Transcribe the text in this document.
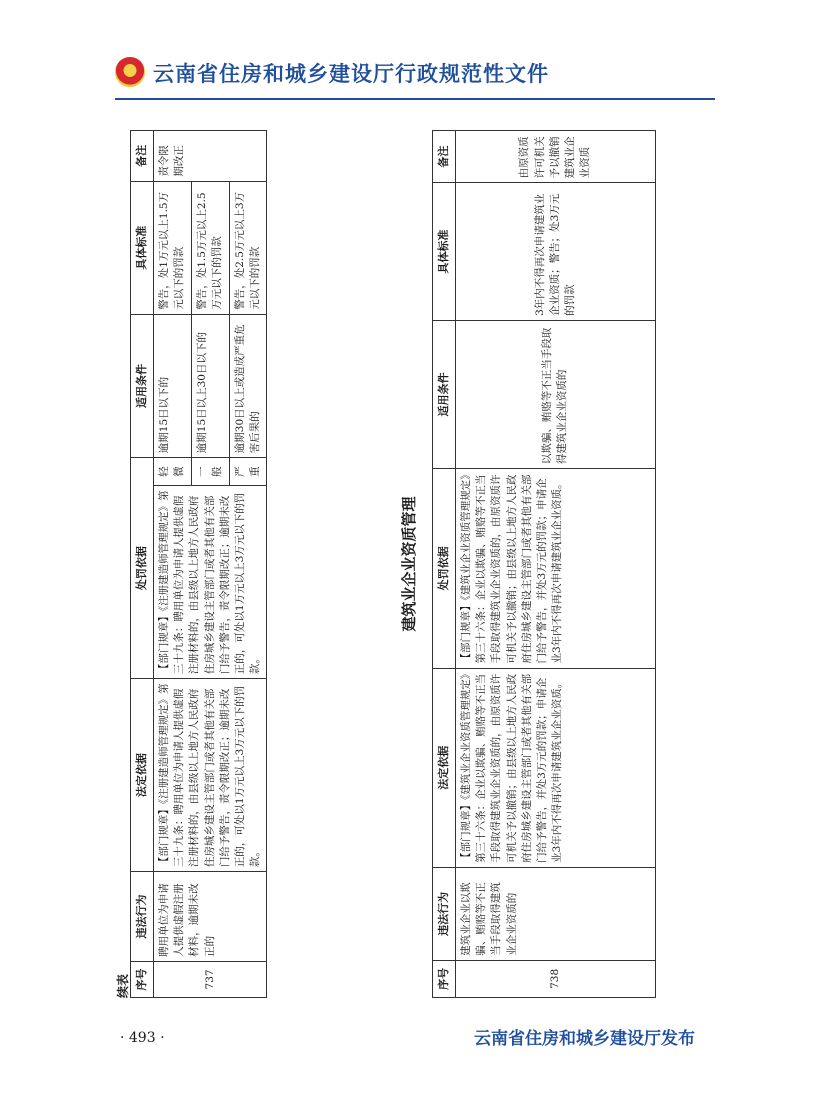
云南省住房和城乡建设厅行政规范性文件
续表 序号	违法行为	法定依据	处罚依据		适用条件	具体标准	备注
737	聘用单位为申请人提供虚假注册材料，逾期未改正的	【部门规章】《注册建造师管理规定》第三十九条：聘用单位为申请人提供虚假注册材料的，由县级以上地方人民政府住房城乡建设主管部门或者其他有关部门给予警告，责令限期改正；逾期未改正的，可处以1万元以上3万元以下的罚款。	【部门规章】《注册建造师管理规定》第三十九条：聘用单位为申请人提供虚假注册材料的，由县级以上地方人民政府住房城乡建设主管部门或者其他有关部门给予警告，责令限期改正；逾期未改正的，可处以1万元以上3万元以下的罚款。	轻微	逾期15日以下的	警告，处1万元以上1.5万元以下的罚款	责令限期改正
				一般	逾期15日以上30日以下的	警告，处1.5万元以上2.5万元以下的罚款	
				严重	逾期30日以上或造成严重危害后果的	警告，处2.5万元以上3万元以下的罚款	
建筑业企业资质管理
序号	违法行为	法定依据	处罚依据	适用条件	具体标准	备注
738	建筑业企业以欺骗、贿赂等不正当手段取得建筑业企业资质的	【部门规章】《建筑业企业资质管理规定》第三十六条：企业以欺骗、贿赂等不正当手段取得建筑业企业资质的，由原资质许可机关予以撤销；由县级以上地方人民政府住房城乡建设主管部门或者其他有关部门给予警告，并处3万元的罚款；申请企业3年内不得再次申请建筑业企业资质。	【部门规章】《建筑业企业资质管理规定》第三十六条：企业以欺骗、贿赂等不正当手段取得建筑业企业资质的，由原资质许可机关予以撤销；由县级以上地方人民政府住房城乡建设主管部门或者其他有关部门给予警告，并处3万元的罚款；申请企业3年内不得再次申请建筑业企业资质。	以欺骗、贿赂等不正当手段取得建筑业企业资质的	3年内不得再次申请建筑业企业资质；警告；处3万元的罚款	由原资质许可机关予以撤销建筑业企业资质
· 493 ·	云南省住房和城乡建设厅发布
